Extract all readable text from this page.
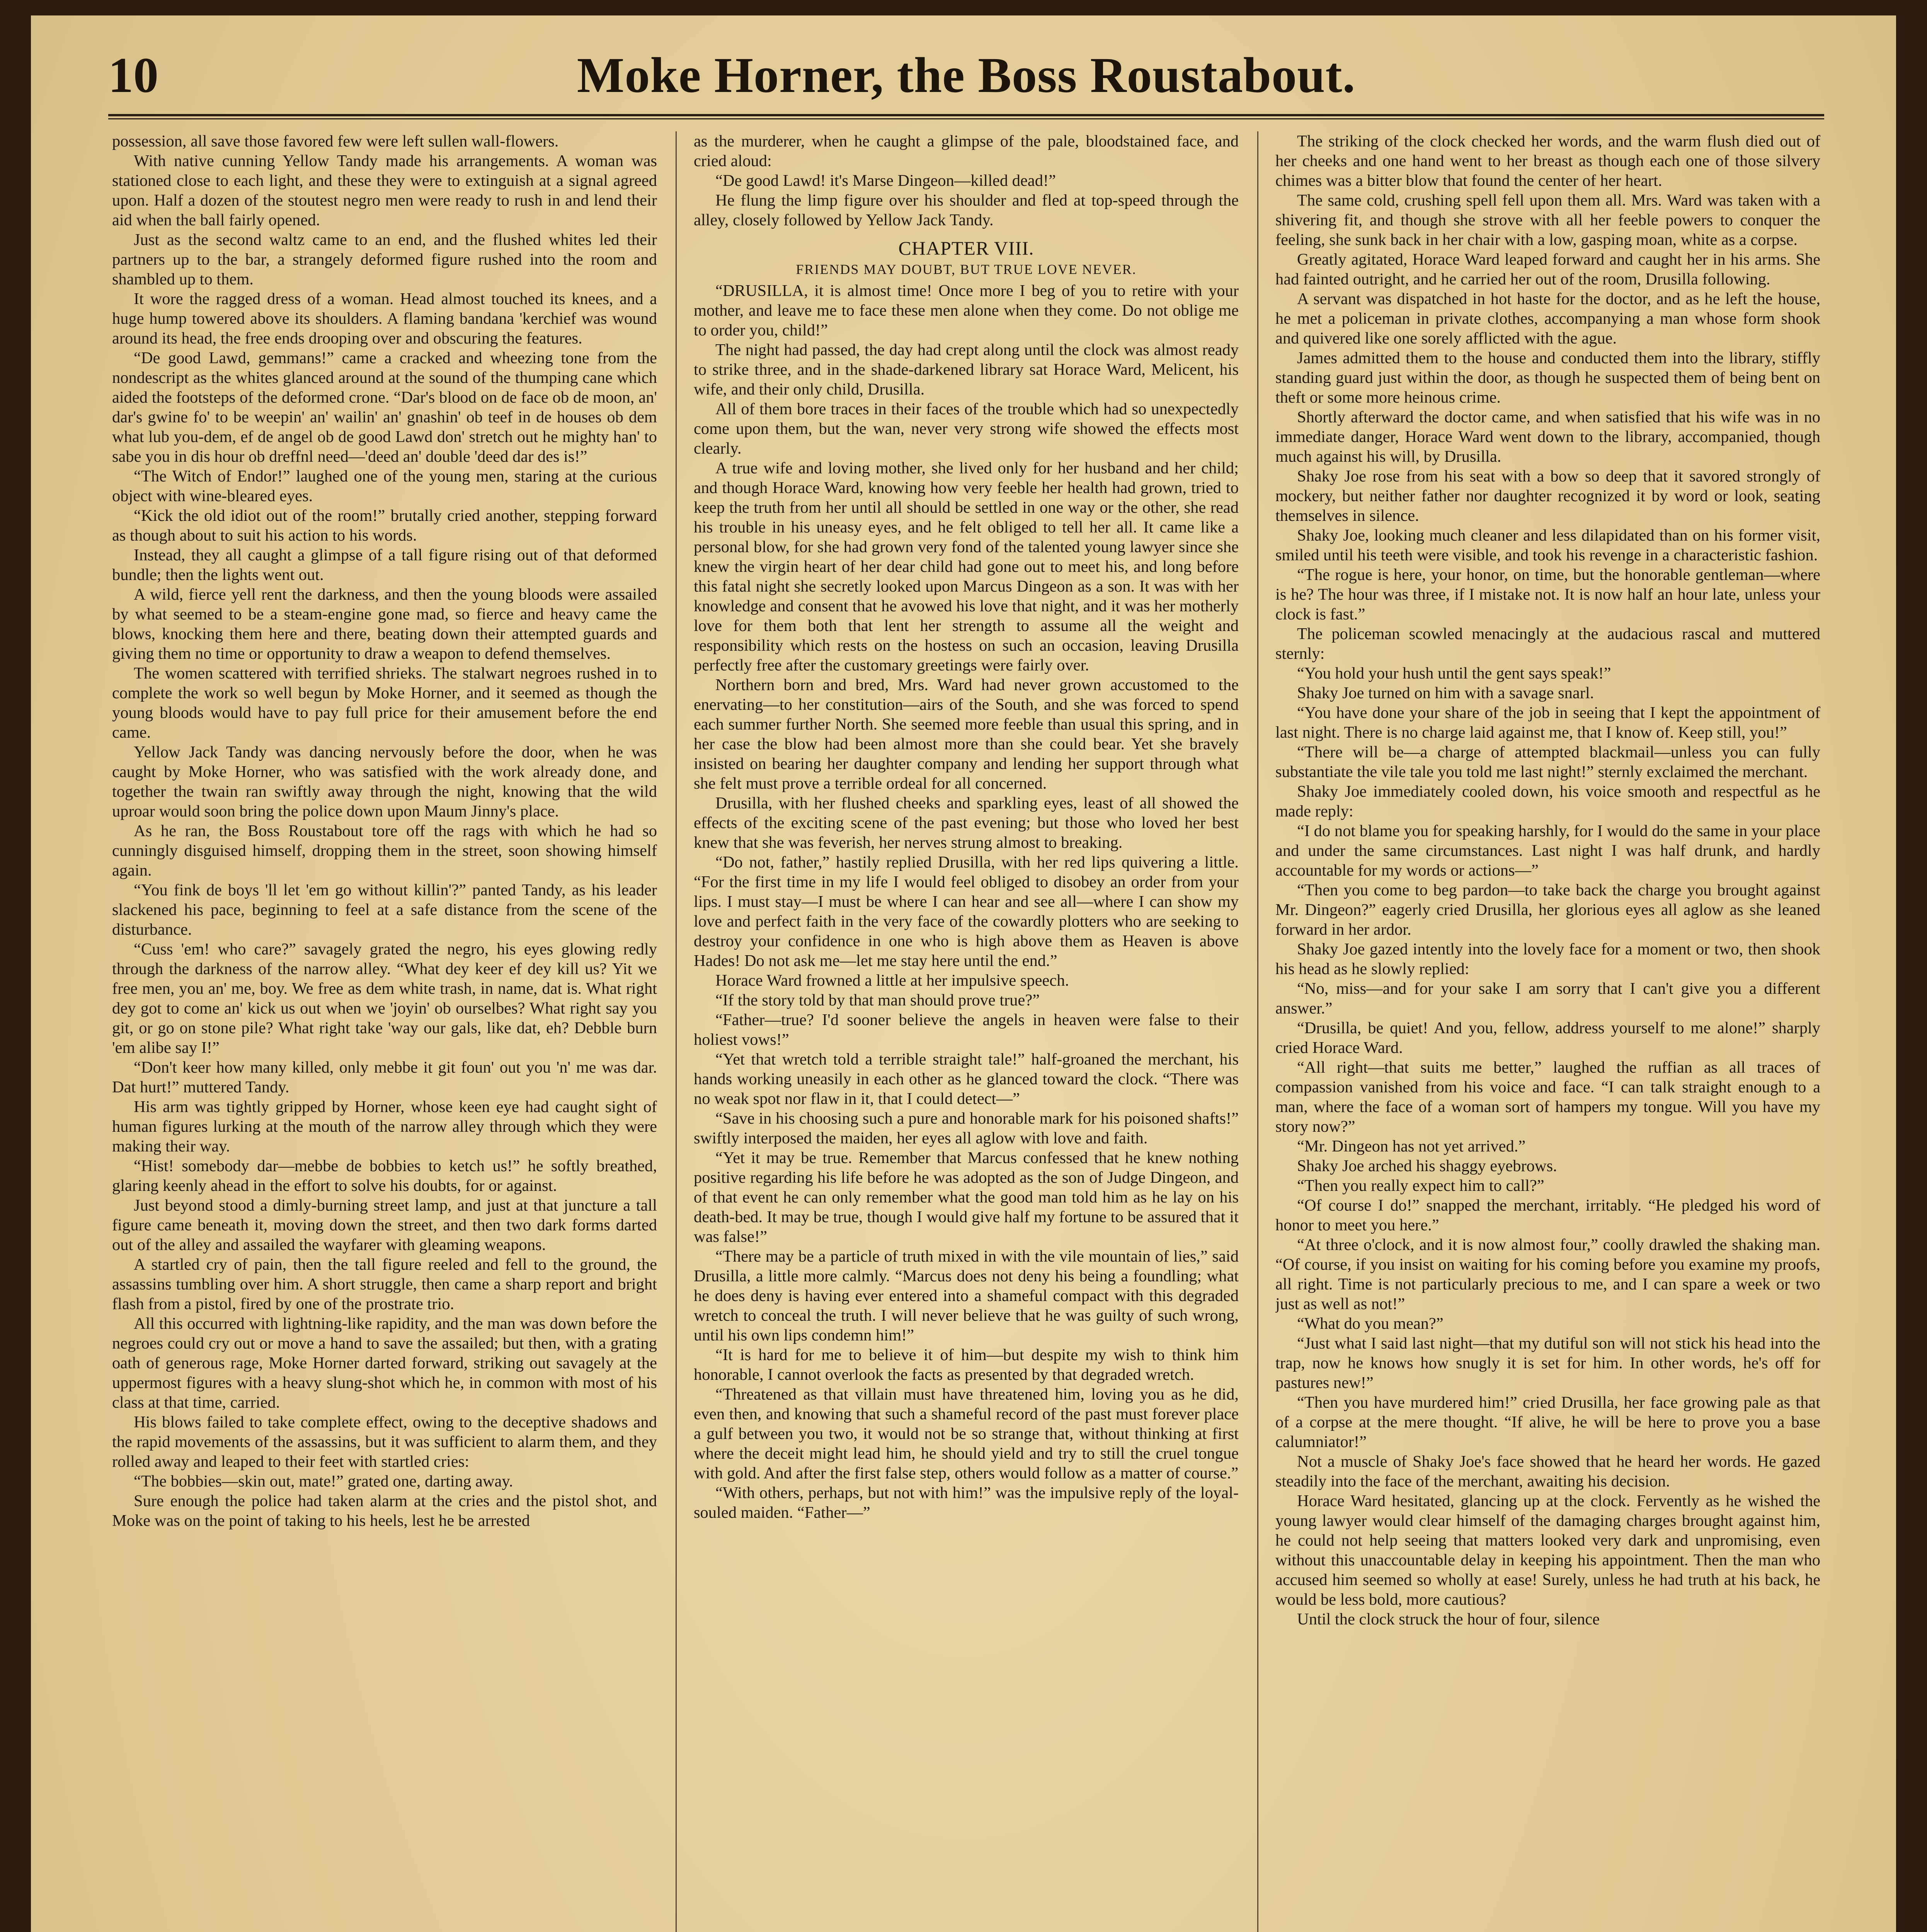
10	Moke Horner, the Boss Roustabout.

possession, all save those favored few were left sullen wall-flowers.

With native cunning Yellow Tandy made his arrangements. A woman was stationed close to each light, and these they were to extinguish at a signal agreed upon. Half a dozen of the stoutest negro men were ready to rush in and lend their aid when the ball fairly opened.

Just as the second waltz came to an end, and the flushed whites led their partners up to the bar, a strangely deformed figure rushed into the room and shambled up to them.

It wore the ragged dress of a woman. Head almost touched its knees, and a huge hump towered above its shoulders. A flaming bandana 'kerchief was wound around its head, the free ends drooping over and obscuring the features.

“De good Lawd, gemmans!” came a cracked and wheezing tone from the nondescript as the whites glanced around at the sound of the thumping cane which aided the footsteps of the deformed crone. “Dar's blood on de face ob de moon, an' dar's gwine fo' to be weepin' an' wailin' an' gnashin' ob teef in de houses ob dem what lub you-dem, ef de angel ob de good Lawd don' stretch out he mighty han' to sabe you in dis hour ob dreffnl need—'deed an' double 'deed dar des is!”

“The Witch of Endor!” laughed one of the young men, staring at the curious object with wine-bleared eyes.

“Kick the old idiot out of the room!” brutally cried another, stepping forward as though about to suit his action to his words.

Instead, they all caught a glimpse of a tall figure rising out of that deformed bundle; then the lights went out.

A wild, fierce yell rent the darkness, and then the young bloods were assailed by what seemed to be a steam-engine gone mad, so fierce and heavy came the blows, knocking them here and there, beating down their attempted guards and giving them no time or opportunity to draw a weapon to defend themselves.

The women scattered with terrified shrieks. The stalwart negroes rushed in to complete the work so well begun by Moke Horner, and it seemed as though the young bloods would have to pay full price for their amusement before the end came.

Yellow Jack Tandy was dancing nervously before the door, when he was caught by Moke Horner, who was satisfied with the work already done, and together the twain ran swiftly away through the night, knowing that the wild uproar would soon bring the police down upon Maum Jinny's place.

As he ran, the Boss Roustabout tore off the rags with which he had so cunningly disguised himself, dropping them in the street, soon showing himself again.

“You fink de boys 'll let 'em go without killin'?” panted Tandy, as his leader slackened his pace, beginning to feel at a safe distance from the scene of the disturbance.

“Cuss 'em! who care?” savagely grated the negro, his eyes glowing redly through the darkness of the narrow alley. “What dey keer ef dey kill us? Yit we free men, you an' me, boy. We free as dem white trash, in name, dat is. What right dey got to come an' kick us out when we 'joyin' ob ourselbes? What right say you git, or go on stone pile? What right take 'way our gals, like dat, eh? Debble burn 'em alibe say I!”

“Don't keer how many killed, only mebbe it git foun' out you 'n' me was dar. Dat hurt!” muttered Tandy.

His arm was tightly gripped by Horner, whose keen eye had caught sight of human figures lurking at the mouth of the narrow alley through which they were making their way.

“Hist! somebody dar—mebbe de bobbies to ketch us!” he softly breathed, glaring keenly ahead in the effort to solve his doubts, for or against.

Just beyond stood a dimly-burning street lamp, and just at that juncture a tall figure came beneath it, moving down the street, and then two dark forms darted out of the alley and assailed the wayfarer with gleaming weapons.

A startled cry of pain, then the tall figure reeled and fell to the ground, the assassins tumbling over him. A short struggle, then came a sharp report and bright flash from a pistol, fired by one of the prostrate trio.

All this occurred with lightning-like rapidity, and the man was down before the negroes could cry out or move a hand to save the assailed; but then, with a grating oath of generous rage, Moke Horner darted forward, striking out savagely at the uppermost figures with a heavy slung-shot which he, in common with most of his class at that time, carried.

His blows failed to take complete effect, owing to the deceptive shadows and the rapid movements of the assassins, but it was sufficient to alarm them, and they rolled away and leaped to their feet with startled cries:

“The bobbies—skin out, mate!” grated one, darting away.

Sure enough the police had taken alarm at the cries and the pistol shot, and Moke was on the point of taking to his heels, lest he be arrested

as the murderer, when he caught a glimpse of the pale, bloodstained face, and cried aloud:

“De good Lawd! it's Marse Dingeon—killed dead!”

He flung the limp figure over his shoulder and fled at top-speed through the alley, closely followed by Yellow Jack Tandy.

CHAPTER VIII.
FRIENDS MAY DOUBT, BUT TRUE LOVE NEVER.

“DRUSILLA, it is almost time! Once more I beg of you to retire with your mother, and leave me to face these men alone when they come. Do not oblige me to order you, child!”

The night had passed, the day had crept along until the clock was almost ready to strike three, and in the shade-darkened library sat Horace Ward, Melicent, his wife, and their only child, Drusilla.

All of them bore traces in their faces of the trouble which had so unexpectedly come upon them, but the wan, never very strong wife showed the effects most clearly.

A true wife and loving mother, she lived only for her husband and her child; and though Horace Ward, knowing how very feeble her health had grown, tried to keep the truth from her until all should be settled in one way or the other, she read his trouble in his uneasy eyes, and he felt obliged to tell her all. It came like a personal blow, for she had grown very fond of the talented young lawyer since she knew the virgin heart of her dear child had gone out to meet his, and long before this fatal night she secretly looked upon Marcus Dingeon as a son. It was with her knowledge and consent that he avowed his love that night, and it was her motherly love for them both that lent her strength to assume all the weight and responsibility which rests on the hostess on such an occasion, leaving Drusilla perfectly free after the customary greetings were fairly over.

Northern born and bred, Mrs. Ward had never grown accustomed to the enervating—to her constitution—airs of the South, and she was forced to spend each summer further North. She seemed more feeble than usual this spring, and in her case the blow had been almost more than she could bear. Yet she bravely insisted on bearing her daughter company and lending her support through what she felt must prove a terrible ordeal for all concerned.

Drusilla, with her flushed cheeks and sparkling eyes, least of all showed the effects of the exciting scene of the past evening; but those who loved her best knew that she was feverish, her nerves strung almost to breaking.

“Do not, father,” hastily replied Drusilla, with her red lips quivering a little. “For the first time in my life I would feel obliged to disobey an order from your lips. I must stay—I must be where I can hear and see all—where I can show my love and perfect faith in the very face of the cowardly plotters who are seeking to destroy your confidence in one who is high above them as Heaven is above Hades! Do not ask me—let me stay here until the end.”

Horace Ward frowned a little at her impulsive speech.

“If the story told by that man should prove true?”

“Father—true? I'd sooner believe the angels in heaven were false to their holiest vows!”

“Yet that wretch told a terrible straight tale!” half-groaned the merchant, his hands working uneasily in each other as he glanced toward the clock. “There was no weak spot nor flaw in it, that I could detect—”

“Save in his choosing such a pure and honorable mark for his poisoned shafts!” swiftly interposed the maiden, her eyes all aglow with love and faith.

“Yet it may be true. Remember that Marcus confessed that he knew nothing positive regarding his life before he was adopted as the son of Judge Dingeon, and of that event he can only remember what the good man told him as he lay on his death-bed. It may be true, though I would give half my fortune to be assured that it was false!”

“There may be a particle of truth mixed in with the vile mountain of lies,” said Drusilla, a little more calmly. “Marcus does not deny his being a foundling; what he does deny is having ever entered into a shameful compact with this degraded wretch to conceal the truth. I will never believe that he was guilty of such wrong, until his own lips condemn him!”

“It is hard for me to believe it of him—but despite my wish to think him honorable, I cannot overlook the facts as presented by that degraded wretch.

“Threatened as that villain must have threatened him, loving you as he did, even then, and knowing that such a shameful record of the past must forever place a gulf between you two, it would not be so strange that, without thinking at first where the deceit might lead him, he should yield and try to still the cruel tongue with gold. And after the first false step, others would follow as a matter of course.”

“With others, perhaps, but not with him!” was the impulsive reply of the loyal-souled maiden. “Father—”

The striking of the clock checked her words, and the warm flush died out of her cheeks and one hand went to her breast as though each one of those silvery chimes was a bitter blow that found the center of her heart.

The same cold, crushing spell fell upon them all. Mrs. Ward was taken with a shivering fit, and though she strove with all her feeble powers to conquer the feeling, she sunk back in her chair with a low, gasping moan, white as a corpse.

Greatly agitated, Horace Ward leaped forward and caught her in his arms. She had fainted outright, and he carried her out of the room, Drusilla following.

A servant was dispatched in hot haste for the doctor, and as he left the house, he met a policeman in private clothes, accompanying a man whose form shook and quivered like one sorely afflicted with the ague.

James admitted them to the house and conducted them into the library, stiffly standing guard just within the door, as though he suspected them of being bent on theft or some more heinous crime.

Shortly afterward the doctor came, and when satisfied that his wife was in no immediate danger, Horace Ward went down to the library, accompanied, though much against his will, by Drusilla.

Shaky Joe rose from his seat with a bow so deep that it savored strongly of mockery, but neither father nor daughter recognized it by word or look, seating themselves in silence.

Shaky Joe, looking much cleaner and less dilapidated than on his former visit, smiled until his teeth were visible, and took his revenge in a characteristic fashion.

“The rogue is here, your honor, on time, but the honorable gentleman—where is he? The hour was three, if I mistake not. It is now half an hour late, unless your clock is fast.”

The policeman scowled menacingly at the audacious rascal and muttered sternly:

“You hold your hush until the gent says speak!”

Shaky Joe turned on him with a savage snarl.

“You have done your share of the job in seeing that I kept the appointment of last night. There is no charge laid against me, that I know of. Keep still, you!”

“There will be—a charge of attempted blackmail—unless you can fully substantiate the vile tale you told me last night!” sternly exclaimed the merchant.

Shaky Joe immediately cooled down, his voice smooth and respectful as he made reply:

“I do not blame you for speaking harshly, for I would do the same in your place and under the same circumstances. Last night I was half drunk, and hardly accountable for my words or actions—”

“Then you come to beg pardon—to take back the charge you brought against Mr. Dingeon?” eagerly cried Drusilla, her glorious eyes all aglow as she leaned forward in her ardor.

Shaky Joe gazed intently into the lovely face for a moment or two, then shook his head as he slowly replied:

“No, miss—and for your sake I am sorry that I can't give you a different answer.”

“Drusilla, be quiet! And you, fellow, address yourself to me alone!” sharply cried Horace Ward.

“All right—that suits me better,” laughed the ruffian as all traces of compassion vanished from his voice and face. “I can talk straight enough to a man, where the face of a woman sort of hampers my tongue. Will you have my story now?”

“Mr. Dingeon has not yet arrived.”

Shaky Joe arched his shaggy eyebrows.

“Then you really expect him to call?”

“Of course I do!” snapped the merchant, irritably. “He pledged his word of honor to meet you here.”

“At three o'clock, and it is now almost four,” coolly drawled the shaking man. “Of course, if you insist on waiting for his coming before you examine my proofs, all right. Time is not particularly precious to me, and I can spare a week or two just as well as not!”

“What do you mean?”

“Just what I said last night—that my dutiful son will not stick his head into the trap, now he knows how snugly it is set for him. In other words, he's off for pastures new!”

“Then you have murdered him!” cried Drusilla, her face growing pale as that of a corpse at the mere thought. “If alive, he will be here to prove you a base calumniator!”

Not a muscle of Shaky Joe's face showed that he heard her words. He gazed steadily into the face of the merchant, awaiting his decision.

Horace Ward hesitated, glancing up at the clock. Fervently as he wished the young lawyer would clear himself of the damaging charges brought against him, he could not help seeing that matters looked very dark and unpromising, even without this unaccountable delay in keeping his appointment. Then the man who accused him seemed so wholly at ease! Surely, unless he had truth at his back, he would be less bold, more cautious?

Until the clock struck the hour of four, silence
